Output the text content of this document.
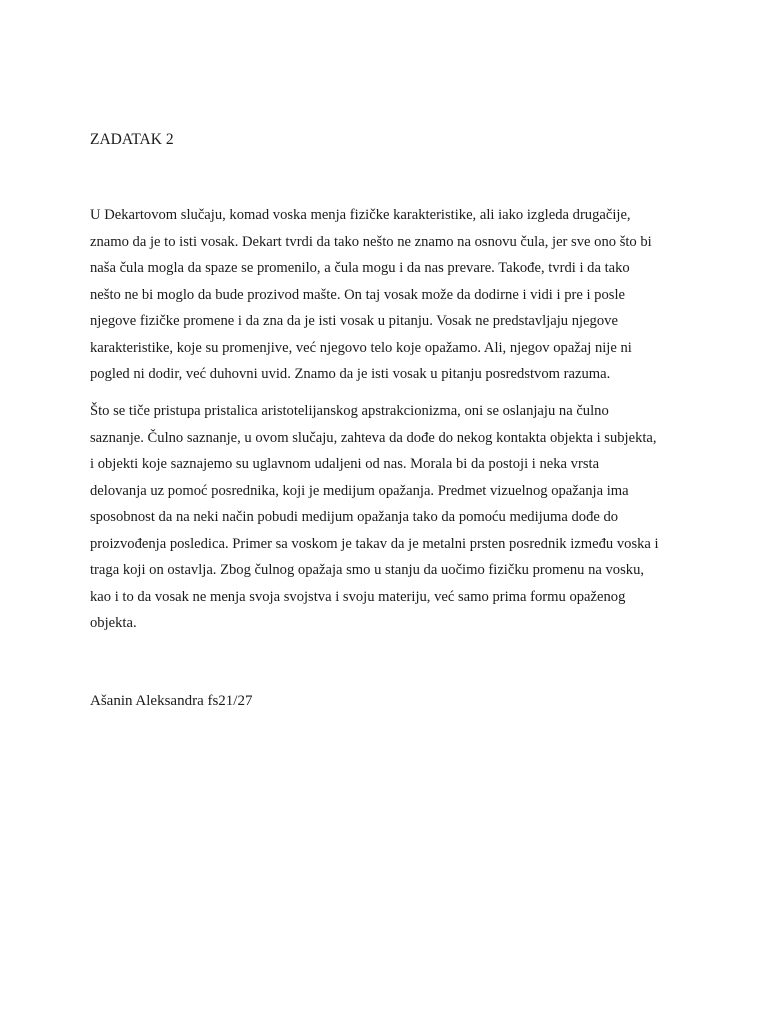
ZADATAK 2

U Dekartovom slučaju, komad voska menja fizičke karakteristike, ali iako izgleda drugačije,
znamo da je to isti vosak. Dekart tvrdi da tako nešto ne znamo na osnovu čula, jer sve ono što bi
naša čula mogla da spaze se promenilo, a čula mogu i da nas prevare. Takođe, tvrdi i da tako
nešto ne bi moglo da bude prozivod mašte. On taj vosak može da dodirne i vidi i pre i posle
njegove fizičke promene i da zna da je isti vosak u pitanju. Vosak ne predstavljaju njegove
karakteristike, koje su promenjive, već njegovo telo koje opažamo. Ali, njegov opažaj nije ni
pogled ni dodir, već duhovni uvid. Znamo da je isti vosak u pitanju posredstvom razuma.

Što se tiče pristupa pristalica aristotelijanskog apstrakcionizma, oni se oslanjaju na čulno
saznanje. Čulno saznanje, u ovom slučaju, zahteva da dođe do nekog kontakta objekta i subjekta,
i objekti koje saznajemo su uglavnom udaljeni od nas. Morala bi da postoji i neka vrsta
delovanja uz pomoć posrednika, koji je medijum opažanja. Predmet vizuelnog opažanja ima
sposobnost da na neki način pobudi medijum opažanja tako da pomoću medijuma dođe do
proizvođenja posledica. Primer sa voskom je takav da je metalni prsten posrednik između voska i
traga koji on ostavlja. Zbog čulnog opažaja smo u stanju da uočimo fizičku promenu na vosku,
kao i to da vosak ne menja svoja svojstva i svoju materiju, već samo prima formu opaženog
objekta.

Ašanin Aleksandra fs21/27
